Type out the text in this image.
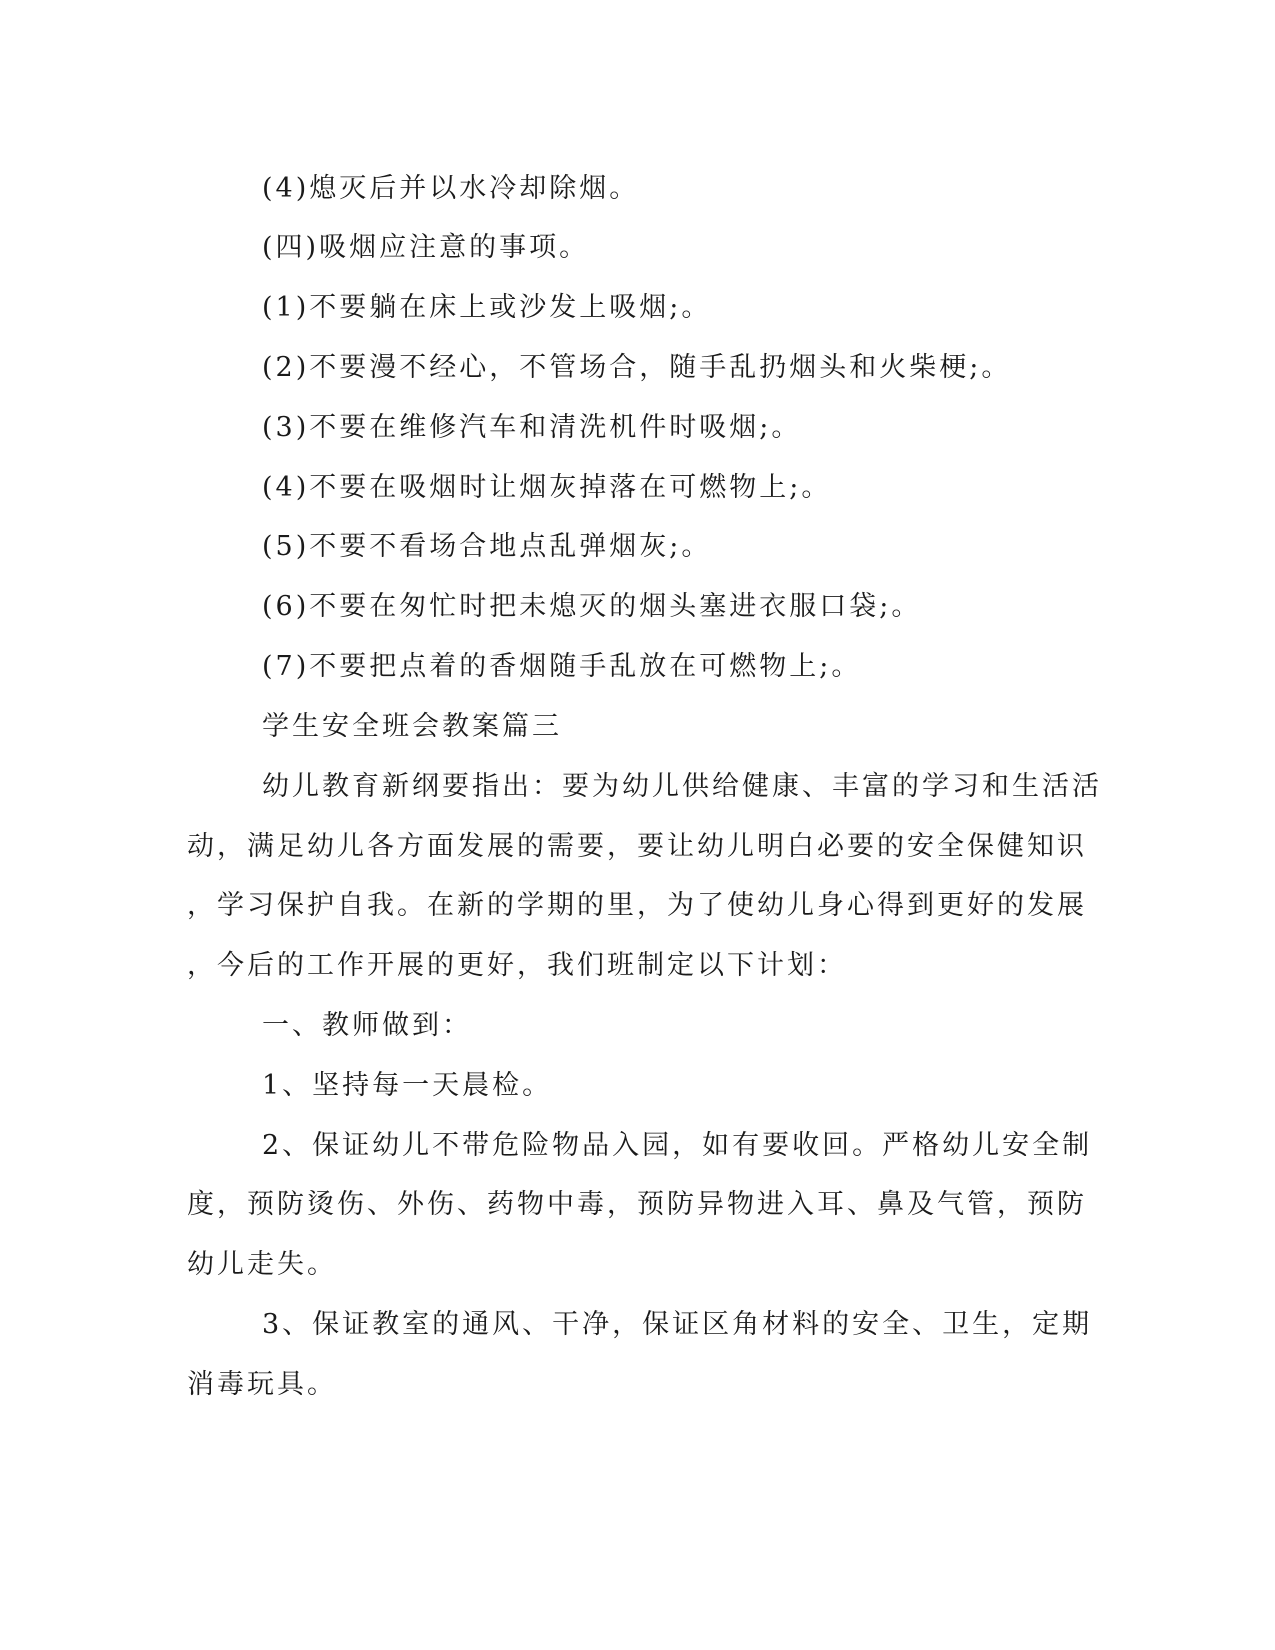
(4)熄灭后并以水冷却除烟。
(四)吸烟应注意的事项。
(1)不要躺在床上或沙发上吸烟;。
(2)不要漫不经心，不管场合，随手乱扔烟头和火柴梗;。
(3)不要在维修汽车和清洗机件时吸烟;。
(4)不要在吸烟时让烟灰掉落在可燃物上;。
(5)不要不看场合地点乱弹烟灰;。
(6)不要在匆忙时把未熄灭的烟头塞进衣服口袋;。
(7)不要把点着的香烟随手乱放在可燃物上;。
学生安全班会教案篇三
幼儿教育新纲要指出：要为幼儿供给健康、丰富的学习和生活活
动，满足幼儿各方面发展的需要，要让幼儿明白必要的安全保健知识
，学习保护自我。在新的学期的里，为了使幼儿身心得到更好的发展
，今后的工作开展的更好，我们班制定以下计划：
一、教师做到：
1、坚持每一天晨检。
2、保证幼儿不带危险物品入园，如有要收回。严格幼儿安全制
度，预防烫伤、外伤、药物中毒，预防异物进入耳、鼻及气管，预防
幼儿走失。
3、保证教室的通风、干净，保证区角材料的安全、卫生，定期
消毒玩具。
